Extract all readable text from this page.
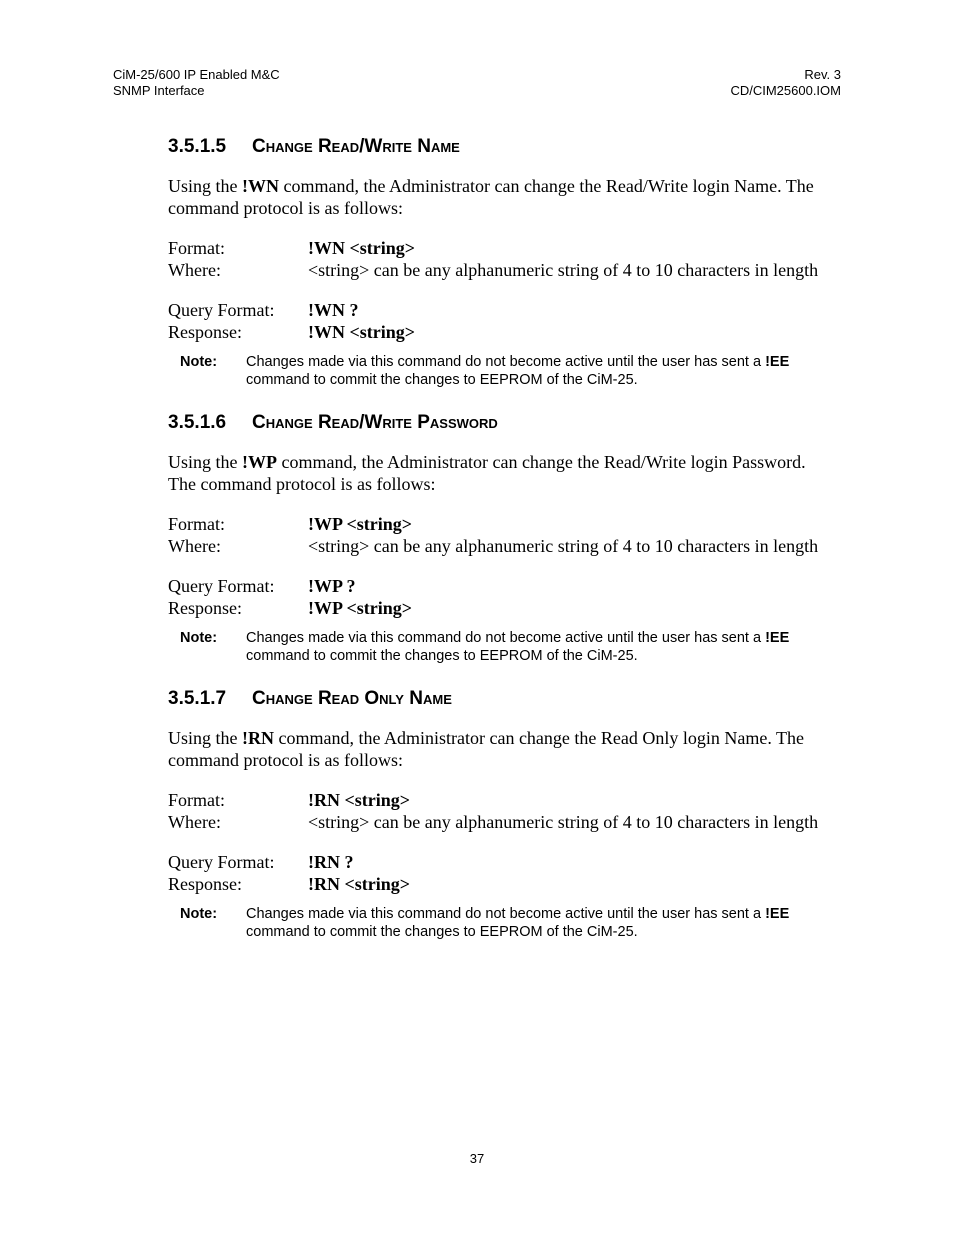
CiM-25/600 IP Enabled M&C
SNMP Interface
Rev. 3
CD/CIM25600.IOM
3.5.1.5 Change Read/Write Name

Using the !WN command, the Administrator can change the Read/Write login Name. The
command protocol is as follows:

Format:	!WN <string>
Where:	<string> can be any alphanumeric string of 4 to 10 characters in length
Query Format:	!WN ?
Response:	!WN <string>
Note:	Changes made via this command do not become active until the user has sent a !EE
command to commit the changes to EEPROM of the CiM-25.
3.5.1.6 Change Read/Write Password

Using the !WP command, the Administrator can change the Read/Write login Password.
The command protocol is as follows:

Format:	!WP <string>
Where:	<string> can be any alphanumeric string of 4 to 10 characters in length
Query Format:	!WP ?
Response:	!WP <string>
Note:	Changes made via this command do not become active until the user has sent a !EE
command to commit the changes to EEPROM of the CiM-25.
3.5.1.7 Change Read Only Name

Using the !RN command, the Administrator can change the Read Only login Name. The
command protocol is as follows:

Format:	!RN <string>
Where:	<string> can be any alphanumeric string of 4 to 10 characters in length
Query Format:	!RN ?
Response:	!RN <string>
Note:	Changes made via this command do not become active until the user has sent a !EE
command to commit the changes to EEPROM of the CiM-25.
37
